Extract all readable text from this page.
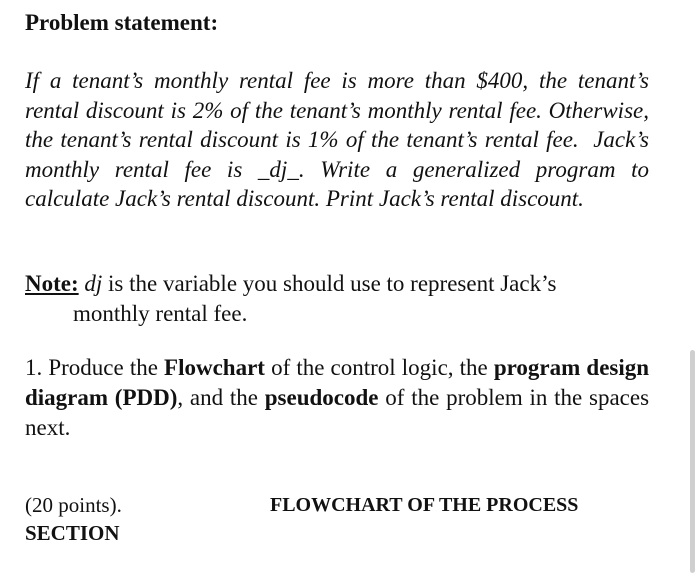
Problem statement:

If a tenant’s monthly rental fee is more than $400, the tenant’s rental discount is 2% of the tenant’s monthly rental fee. Otherwise, the tenant’s rental discount is 1% of the tenant’s rental fee. Jack’s monthly rental fee is _dj_. Write a generalized program to calculate Jack’s rental discount. Print Jack’s rental discount.

Note: dj is the variable you should use to represent Jack’s
monthly rental fee.

1. Produce the Flowchart of the control logic, the program design diagram (PDD), and the pseudocode of the problem in the spaces next.

(20 points).
SECTION
FLOWCHART OF THE PROCESS
